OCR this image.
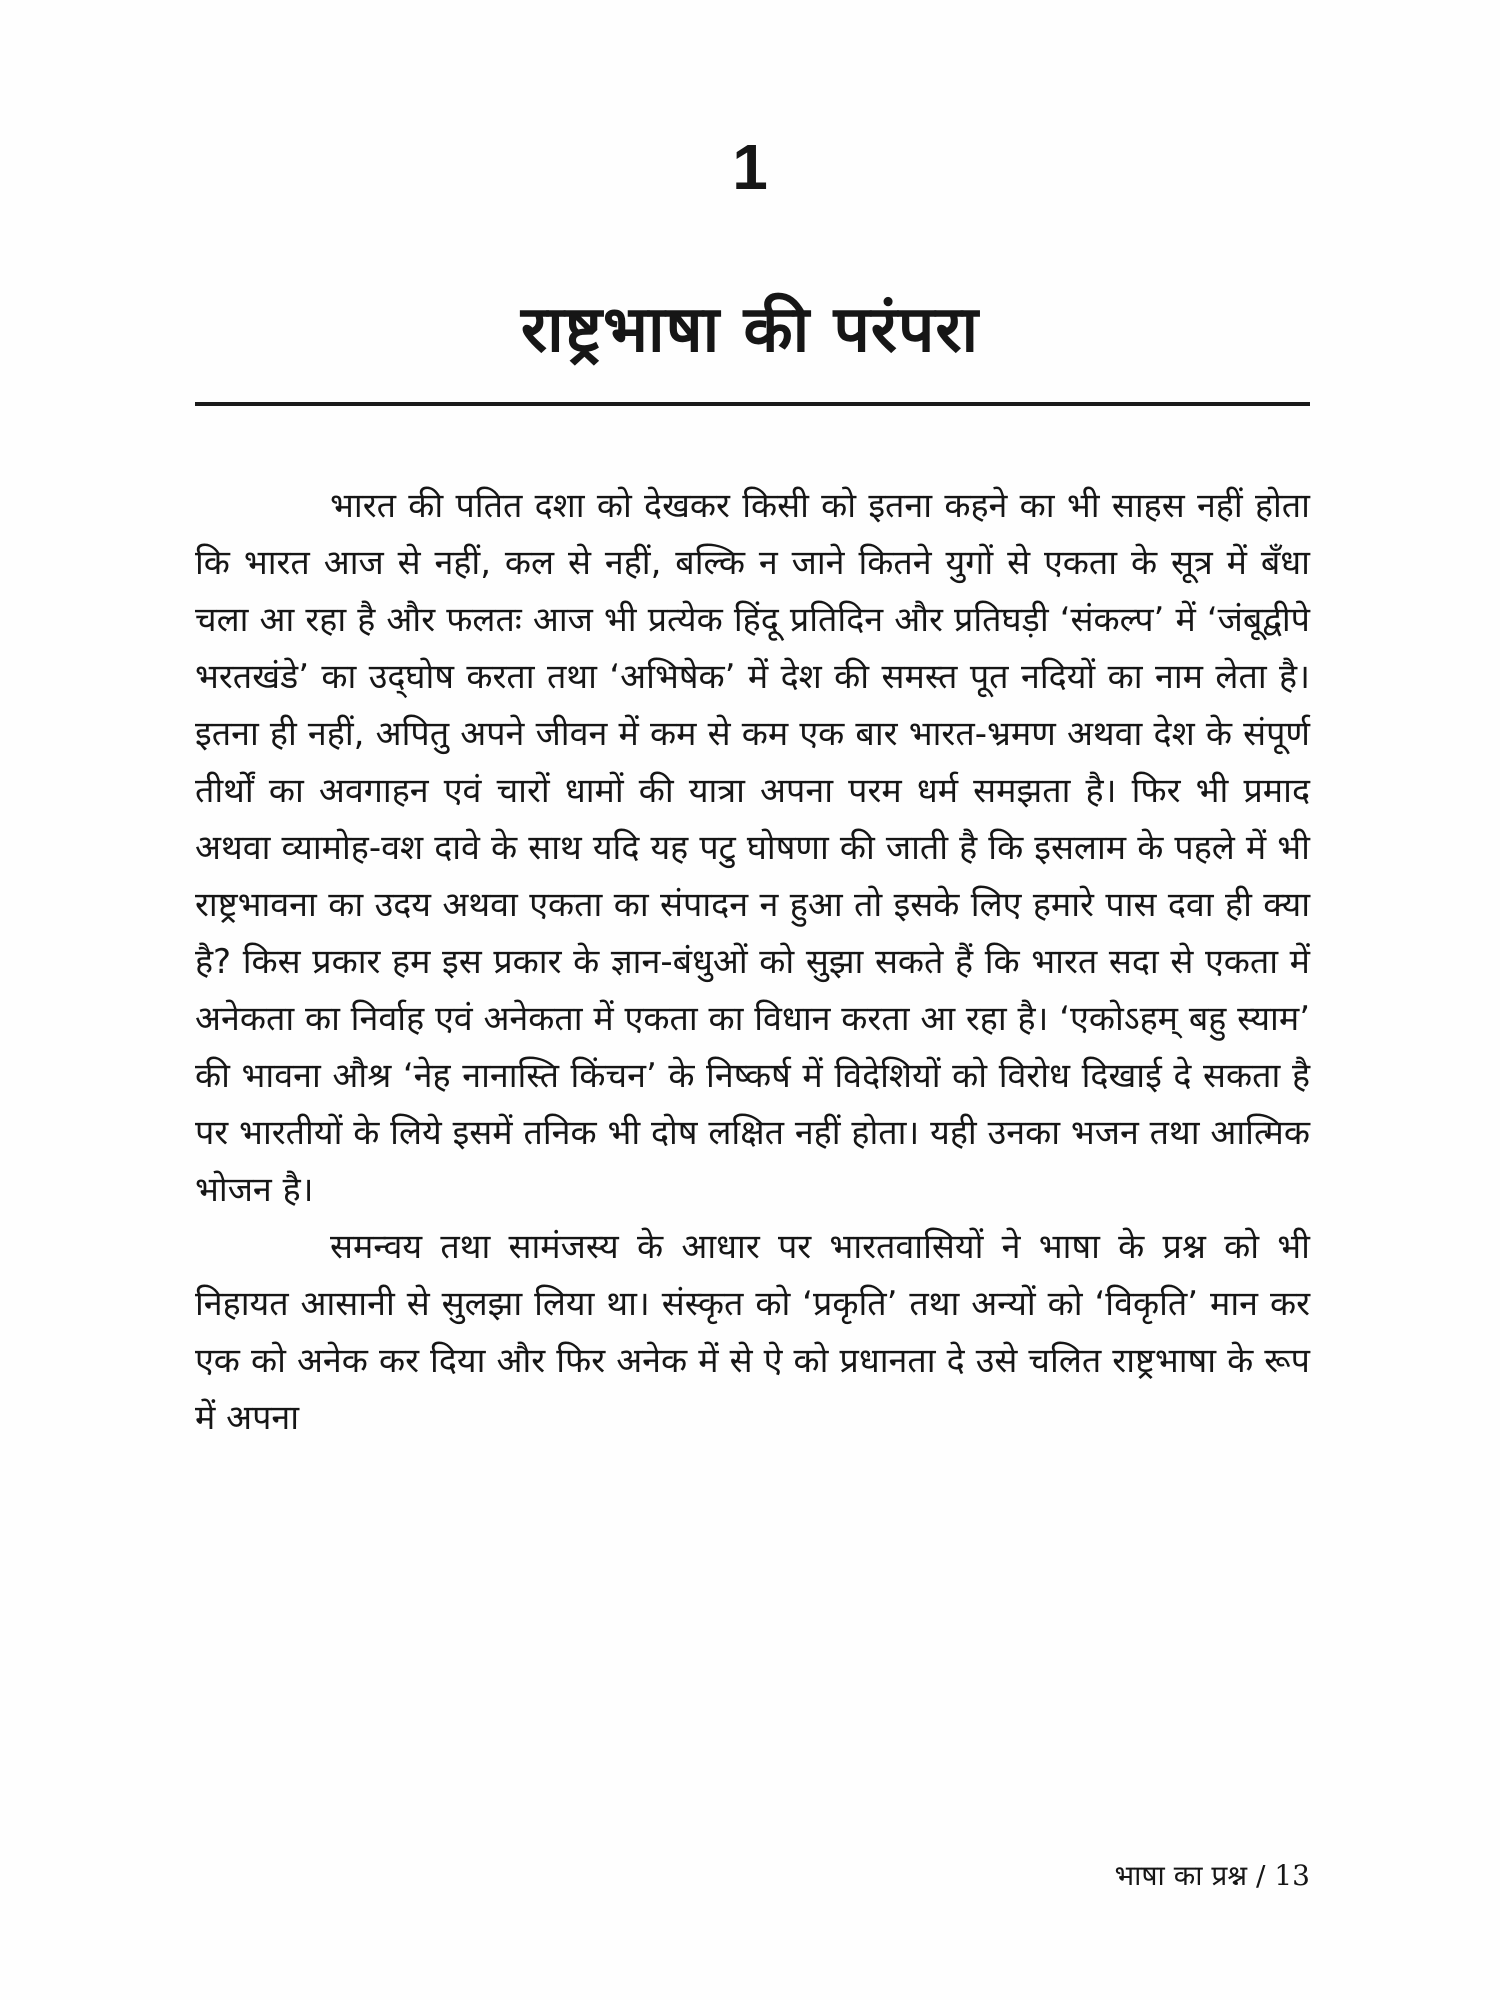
1
राष्ट्रभाषा की परंपरा

भारत की पतित दशा को देखकर किसी को इतना कहने का भी साहस नहीं होता कि भारत आज से नहीं, कल से नहीं, बल्कि न जाने कितने युगों से एकता के सूत्र में बँधा चला आ रहा है और फलतः आज भी प्रत्येक हिंदू प्रतिदिन और प्रतिघड़ी ‘संकल्प’ में ‘जंबूद्वीपे भरतखंडे’ का उद्‌घोष करता तथा ‘अभिषेक’ में देश की समस्त पूत नदियों का नाम लेता है। इतना ही नहीं, अपितु अपने जीवन में कम से कम एक बार भारत-भ्रमण अथवा देश के संपूर्ण तीर्थों का अवगाहन एवं चारों धामों की यात्रा अपना परम धर्म समझता है। फिर भी प्रमाद अथवा व्यामोह-वश दावे के साथ यदि यह पटु घोषणा की जाती है कि इसलाम के पहले में भी राष्ट्रभावना का उदय अथवा एकता का संपादन न हुआ तो इसके लिए हमारे पास दवा ही क्या है? किस प्रकार हम इस प्रकार के ज्ञान-बंधुओं को सुझा सकते हैं कि भारत सदा से एकता में अनेकता का निर्वाह एवं अनेकता में एकता का विधान करता आ रहा है। ‘एकोऽहम् बहु स्याम’ की भावना औश्र ‘नेह नानास्ति किंचन’ के निष्कर्ष में विदेशियों को विरोध दिखाई दे सकता है पर भारतीयों के लिये इसमें तनिक भी दोष लक्षित नहीं होता। यही उनका भजन तथा आत्मिक भोजन है।

समन्वय तथा सामंजस्य के आधार पर भारतवासियों ने भाषा के प्रश्न को भी निहायत आसानी से सुलझा लिया था। संस्कृत को ‘प्रकृति’ तथा अन्यों को ‘विकृति’ मान कर एक को अनेक कर दिया और फिर अनेक में से ऐ को प्रधानता दे उसे चलित राष्ट्रभाषा के रूप में अपना

भाषा का प्रश्न / 13
